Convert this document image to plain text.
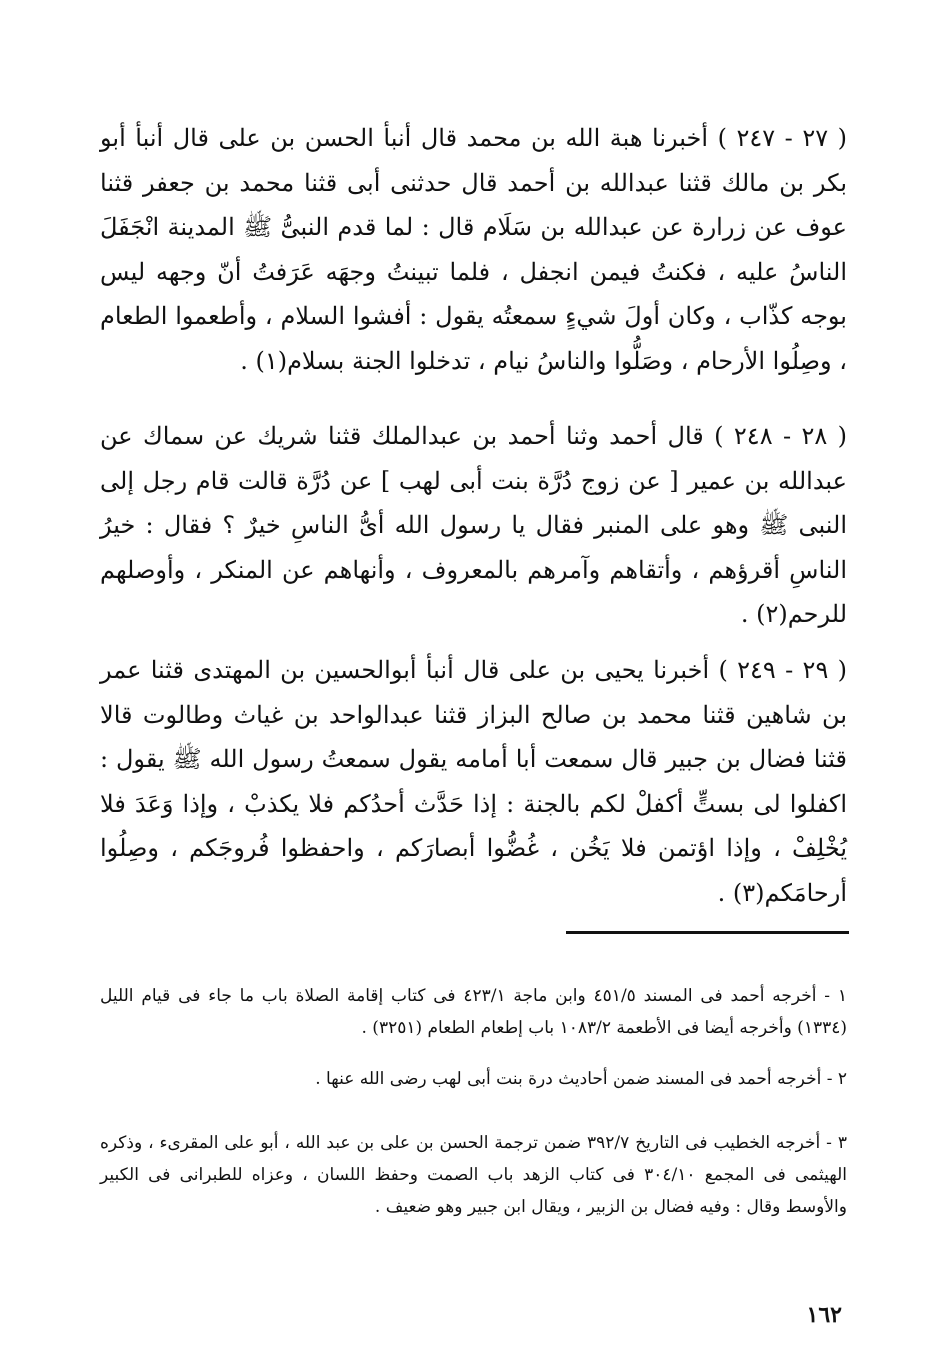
( ٢٧ - ٢٤٧ ) أخبرنا هبة الله بن محمد قال أنبأ الحسن بن على قال أنبأ أبو بكر بن مالك قثنا عبدالله بن أحمد قال حدثنى أبى قثنا محمد بن جعفر قثنا عوف عن زرارة عن عبدالله بن سَلَام قال : لما قدم النبىُّ ﷺ المدينة انْجَفَلَ الناسُ عليه ، فكنتُ فيمن انجفل ، فلما تبينتُ وجهَه عَرَفتُ أنّ وجهه ليس بوجه كذّاب ، وكان أولَ شيءٍ سمعتُه يقول : أفشوا السلام ، وأطعموا الطعام ، وصِلُوا الأرحام ، وصَلُّوا والناسُ نيام ، تدخلوا الجنة بسلام(١) .

( ٢٨ - ٢٤٨ ) قال أحمد وثنا أحمد بن عبدالملك قثنا شريك عن سماك عن عبدالله بن عمير [ عن زوج دُرَّة بنت أبى لهب ] عن دُرَّة قالت قام رجل إلى النبى ﷺ وهو على المنبر فقال يا رسول الله أىُّ الناسِ خيرٌ ؟ فقال : خيرُ الناسِ أقرؤهم ، وأتقاهم وآمرهم بالمعروف ، وأنهاهم عن المنكر ، وأوصلهم للرحم(٢) .

( ٢٩ - ٢٤٩ ) أخبرنا يحيى بن على قال أنبأ أبوالحسين بن المهتدى قثنا عمر بن شاهين قثنا محمد بن صالح البزاز قثنا عبدالواحد بن غياث وطالوت قالا قثنا فضال بن جبير قال سمعت أبا أمامه يقول سمعتُ رسول الله ﷺ يقول : اكفلوا لى بستٍّ أكفلْ لكم بالجنة : إذا حَدَّث أحدُكم فلا يكذبْ ، وإذا وَعَدَ فلا يُخْلِفْ ، وإذا اؤتمن فلا يَخُن ، غُضُّوا أبصارَكم ، واحفظوا فُروجَكم ، وصِلُوا أرحامَكم(٣) .

١ - أخرجه أحمد فى المسند ٤٥١/٥ وابن ماجة ٤٢٣/١ فى كتاب إقامة الصلاة باب ما جاء فى قيام الليل (١٣٣٤) وأخرجه أيضا فى الأطعمة ١٠٨٣/٢ باب إطعام الطعام (٣٢٥١) .

٢ - أخرجه أحمد فى المسند ضمن أحاديث درة بنت أبى لهب رضى الله عنها .

٣ - أخرجه الخطيب فى التاريخ ٣٩٢/٧ ضمن ترجمة الحسن بن على بن عبد الله ، أبو على المقرىء ، وذكره الهيثمى فى المجمع ٣٠٤/١٠ فى كتاب الزهد باب الصمت وحفظ اللسان ، وعزاه للطبرانى فى الكبير والأوسط وقال : وفيه فضال بن الزبير ، ويقال ابن جبير وهو ضعيف .

١٦٢
